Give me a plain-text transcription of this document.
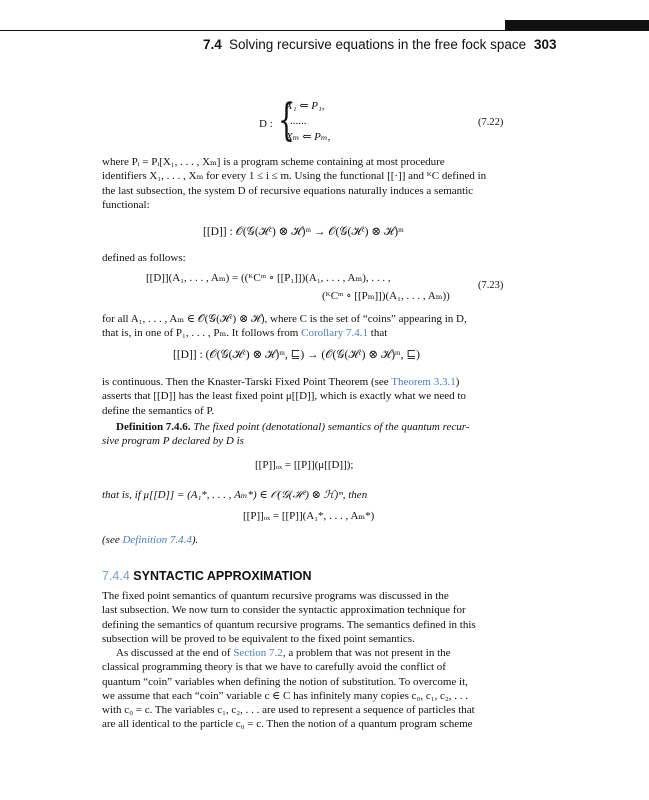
7.4 Solving recursive equations in the free fock space 303
D : {
X₁ ⇐ P₁,
......
Xₘ ⇐ Pₘ,
(7.22)
where Pᵢ = Pᵢ[X₁, . . . , Xₘ] is a program scheme containing at most procedure
identifiers X₁, . . . , Xₘ for every 1 ≤ i ≤ m. Using the functional [[·]] and ᴷC defined in
the last subsection, the system D of recursive equations naturally induces a semantic
functional:
[[D]] : 𝒪(𝒢(ℋᶜ) ⊗ ℋ)ᵐ → 𝒪(𝒢(ℋᶜ) ⊗ ℋ)ᵐ
defined as follows:
[[D]](A₁, . . . , Aₘ) = ((ᴷCᵐ ∘ [[P₁]])(A₁, . . . , Aₘ), . . . ,
(ᴷCᵐ ∘ [[Pₘ]])(A₁, . . . , Aₘ))
(7.23)
for all A₁, . . . , Aₘ ∈ 𝒪(𝒢(ℋᶜ) ⊗ ℋ), where C is the set of “coins” appearing in D,
that is, in one of P₁, . . . , Pₘ. It follows from Corollary 7.4.1 that
[[D]] : (𝒪(𝒢(ℋᶜ) ⊗ ℋ)ᵐ, ⊑) → (𝒪(𝒢(ℋᶜ) ⊗ ℋ)ᵐ, ⊑)
is continuous. Then the Knaster-Tarski Fixed Point Theorem (see Theorem 3.3.1)
asserts that [[D]] has the least fixed point μ[[D]], which is exactly what we need to
define the semantics of P.
Definition 7.4.6. The fixed point (denotational) semantics of the quantum recur-
sive program P declared by D is
[[P]]ₒₓ = [[P]](μ[[D]]);
that is, if μ[[D]] = (A₁*, . . . , Aₘ*) ∈ 𝒪(𝒢(ℋᶜ) ⊗ ℋ)ᵐ, then
[[P]]ₒₓ = [[P]](A₁*, . . . , Aₘ*)
(see Definition 7.4.4).
7.4.4 SYNTACTIC APPROXIMATION
The fixed point semantics of quantum recursive programs was discussed in the
last subsection. We now turn to consider the syntactic approximation technique for
defining the semantics of quantum recursive programs. The semantics defined in this
subsection will be proved to be equivalent to the fixed point semantics.
As discussed at the end of Section 7.2, a problem that was not present in the
classical programming theory is that we have to carefully avoid the conflict of
quantum “coin” variables when defining the notion of substitution. To overcome it,
we assume that each “coin” variable c ∈ C has infinitely many copies c₀, c₁, c₂, . . .
with c₀ = c. The variables c₁, c₂, . . . are used to represent a sequence of particles that
are all identical to the particle c₀ = c. Then the notion of a quantum program scheme
